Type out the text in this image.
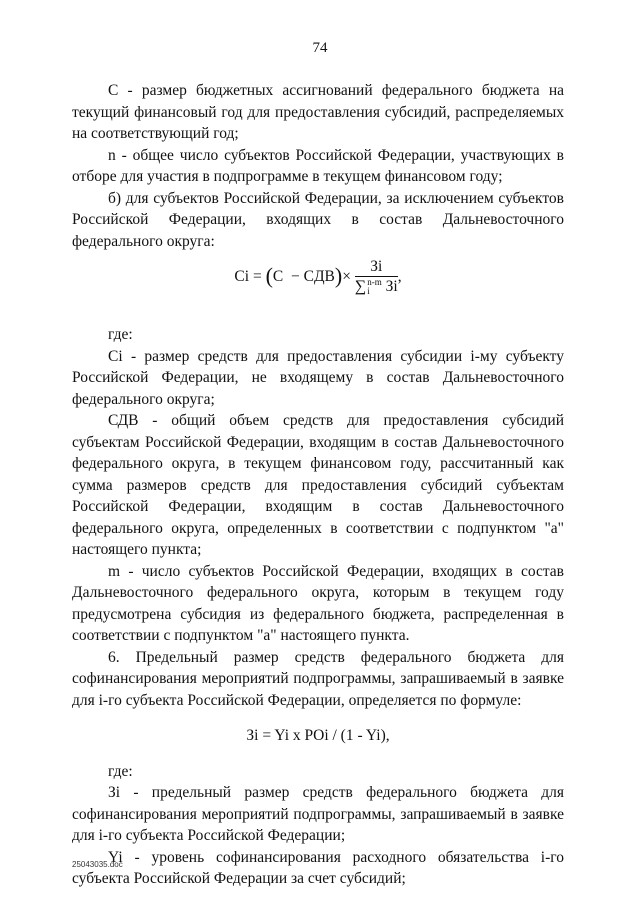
74

С - размер бюджетных ассигнований федерального бюджета на текущий финансовый год для предоставления субсидий, распределяемых на соответствующий год;

n - общее число субъектов Российской Федерации, участвующих в отборе для участия в подпрограмме в текущем финансовом году;

б) для субъектов Российской Федерации, за исключением субъектов Российской Федерации, входящих в состав Дальневосточного федерального округа:

Ci = (C − CДВ)×
Зi
∑n-m
i Зi
,

где:

Ci - размер средств для предоставления субсидии i-му субъекту Российской Федерации, не входящему в состав Дальневосточного федерального округа;

СДВ - общий объем средств для предоставления субсидий субъектам Российской Федерации, входящим в состав Дальневосточного федерального округа, в текущем финансовом году, рассчитанный как сумма размеров средств для предоставления субсидий субъектам Российской Федерации, входящим в состав Дальневосточного федерального округа, определенных в соответствии с подпунктом "а" настоящего пункта;

m - число субъектов Российской Федерации, входящих в состав Дальневосточного федерального округа, которым в текущем году предусмотрена субсидия из федерального бюджета, распределенная в соответствии с подпунктом "а" настоящего пункта.

6. Предельный размер средств федерального бюджета для софинансирования мероприятий подпрограммы, запрашиваемый в заявке для i-го субъекта Российской Федерации, определяется по формуле:

Зi = Yi x POi / (1 - Yi),

где:

Зi - предельный размер средств федерального бюджета для софинансирования мероприятий подпрограммы, запрашиваемый в заявке для i-го субъекта Российской Федерации;

Yi - уровень софинансирования расходного обязательства i-го субъекта Российской Федерации за счет субсидий;

25043035.doc
